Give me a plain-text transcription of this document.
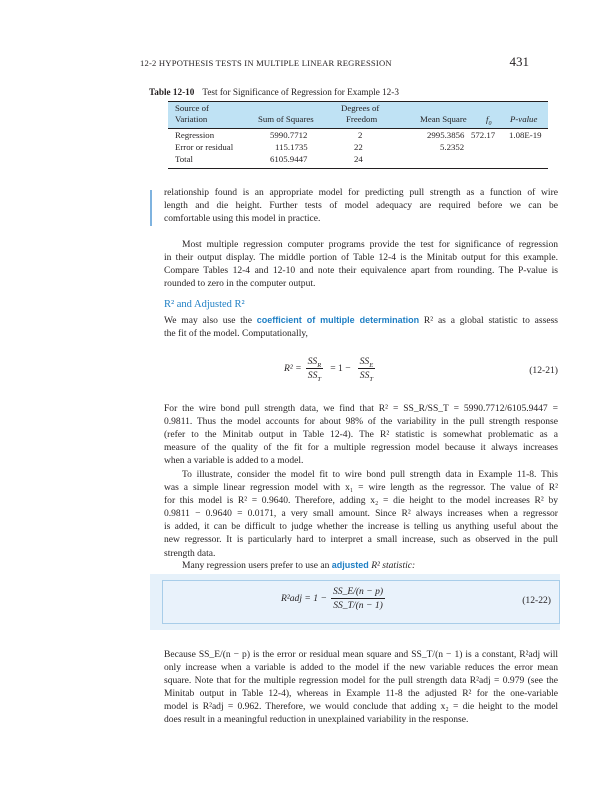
12-2 HYPOTHESIS TESTS IN MULTIPLE LINEAR REGRESSION	431
Table 12-10 Test for Significance of Regression for Example 12-3
Source of
Variation	Sum of Squares
Degrees of
Freedom	Mean Square $f_0$ P-value
Regression	5990.7712	2	2995.3856 572.17 1.08E-19
Error or residual	115.1735	22	5.2352
Total	6105.9447	24
relationship found is an appropriate model for predicting pull strength as a function of wire
length and die height. Further tests of model adequacy are required before we can be
comfortable using this model in practice.
Most multiple regression computer programs provide the test for significance of regression
in their output display. The middle portion of Table 12-4 is the Minitab output for this example.
Compare Tables 12-4 and 12-10 and note their equivalence apart from rounding. The P-value is
rounded to zero in the computer output.
R² and Adjusted R²
We may also use the coefficient of multiple determination R² as a global statistic to assess
the fit of the model. Computationally,
$R^2 = \frac{SS_R}{SS_T} = 1 - \frac{SS_E}{SS_T}$	(12-21)
For the wire bond pull strength data, we find that R² = SS_R/SS_T = 5990.7712/6105.9447 =
0.9811. Thus the model accounts for about 98% of the variability in the pull strength response
(refer to the Minitab output in Table 12-4). The R² statistic is somewhat problematic as a
measure of the quality of the fit for a multiple regression model because it always increases
when a variable is added to a model.
To illustrate, consider the model fit to wire bond pull strength data in Example 11-8. This
was a simple linear regression model with x₁ = wire length as the regressor. The value of R²
for this model is R² = 0.9640. Therefore, adding x₂ = die height to the model increases R² by
0.9811 − 0.9640 = 0.0171, a very small amount. Since R² always increases when a regressor
is added, it can be difficult to judge whether the increase is telling us anything useful about the
new regressor. It is particularly hard to interpret a small increase, such as observed in the pull
strength data.
Many regression users prefer to use an adjusted R² statistic:
$R^2adj = 1 - \frac{SS\_E/(n - p)}{SS\_T/(n - 1)}$	(12-22)
Because SS_E/(n − p) is the error or residual mean square and SS_T/(n − 1) is a constant, R²adj will
only increase when a variable is added to the model if the new variable reduces the error mean
square. Note that for the multiple regression model for the pull strength data R²adj = 0.979 (see the
Minitab output in Table 12-4), whereas in Example 11-8 the adjusted R² for the one-variable
model is R²adj = 0.962. Therefore, we would conclude that adding x₂ = die height to the model
does result in a meaningful reduction in unexplained variability in the response.
